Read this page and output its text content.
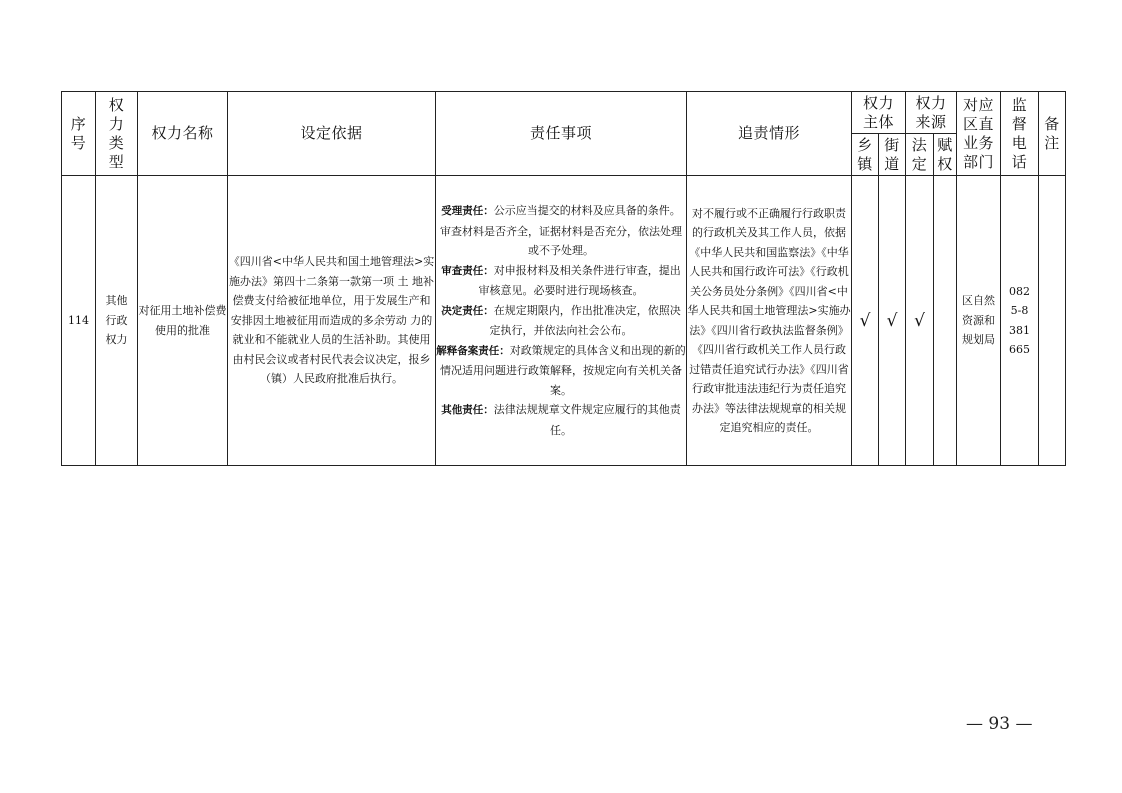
序号	权力类型	权力名称	设定依据	责任事项	追责情形	权力主体		权力来源		对应区直业务部门	监督电话	备注
						乡镇	街道	法定	赋权			
114	其他行政权力	对征用土地补偿费使用的批准	《四川省<中华人民共和国土地管理法>实施办法》第四十二条第一款第一项 土 地补偿费支付给被征地单位，用于发展生产和安排因土地被征用而造成的多余劳动 力的就业和不能就业人员的生活补助。其使用由村民会议或者村民代表会议决定，报乡（镇）人民政府批准后执行。	受理责任：公示应当提交的材料及应具备的条件。审查材料是否齐全，证据材料是否充分，依法处理或不予处理。
审查责任：对申报材料及相关条件进行审查，提出审核意见。必要时进行现场核查。
决定责任：在规定期限内，作出批准决定，依照决定执行，并依法向社会公布。
解释备案责任：对政策规定的具体含义和出现的新的情况适用问题进行政策解释，按规定向有关机关备案。
其他责任：法律法规规章文件规定应履行的其他责任。	对不履行或不正确履行行政职责的行政机关及其工作人员，依据《中华人民共和国监察法》《中华人民共和国行政许可法》《行政机关公务员处分条例》《四川省<中华人民共和国土地管理法>实施办法》《四川省行政执法监督条例》《四川省行政机关工作人员行政过错责任追究试行办法》《四川省行政审批违法违纪行为责任追究办法》等法律法规规章的相关规定追究相应的责任。	√	√	√		区自然资源和规划局	0825-8381665	
— 93 —
